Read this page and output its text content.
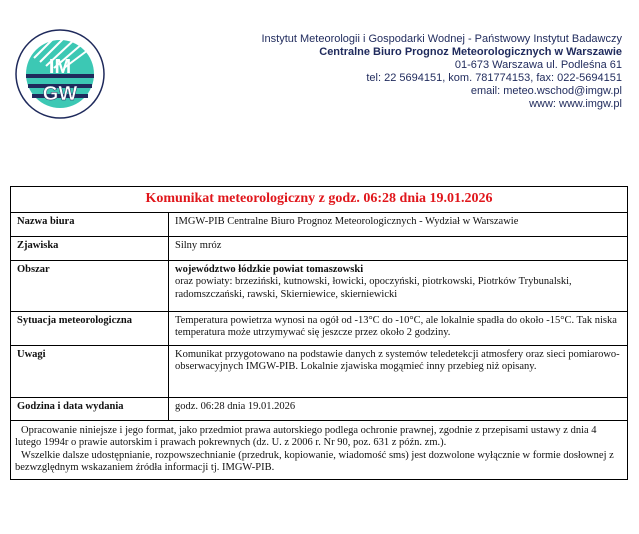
IM
GW
Instytut Meteorologii i Gospodarki Wodnej - Państwowy Instytut Badawczy
Centralne Biuro Prognoz Meteorologicznych w Warszawie
01-673 Warszawa ul. Podleśna 61
tel: 22 5694151, kom. 781774153, fax: 022-5694151
email: meteo.wschod@imgw.pl
www: www.imgw.pl
Komunikat meteorologiczny z godz. 06:28 dnia 19.01.2026	
Nazwa biura	IMGW-PIB Centralne Biuro Prognoz Meteorologicznych - Wydział w Warszawie
Zjawiska	Silny mróz
Obszar	województwo łódzkie powiat tomaszowski
oraz powiaty: brzeziński, kutnowski, łowicki, opoczyński, piotrkowski, Piotrków Trybunalski, radomszczański, rawski, Skierniewice, skierniewicki
Sytuacja meteorologiczna	Temperatura powietrza wynosi na ogół od -13°C do -10°C, ale lokalnie spadła do około -15°C. Tak niska temperatura może utrzymywać się jeszcze przez około 2 godziny.
Uwagi	Komunikat przygotowano na podstawie danych z systemów teledetekcji atmosfery oraz sieci pomiarowo-obserwacyjnych IMGW-PIB. Lokalnie zjawiska mogąmieć inny przebieg niż opisany.
Godzina i data wydania	godz. 06:28 dnia 19.01.2026

Opracowanie niniejsze i jego format, jako przedmiot prawa autorskiego podlega ochronie prawnej, zgodnie z przepisami ustawy z dnia 4 lutego 1994r o prawie autorskim i prawach pokrewnych (dz. U. z 2006 r. Nr 90, poz. 631 z późn. zm.).

Wszelkie dalsze udostępnianie, rozpowszechnianie (przedruk, kopiowanie, wiadomość sms) jest dozwolone wyłącznie w formie dosłownej z bezwzględnym wskazaniem źródła informacji tj. IMGW-PIB.	
